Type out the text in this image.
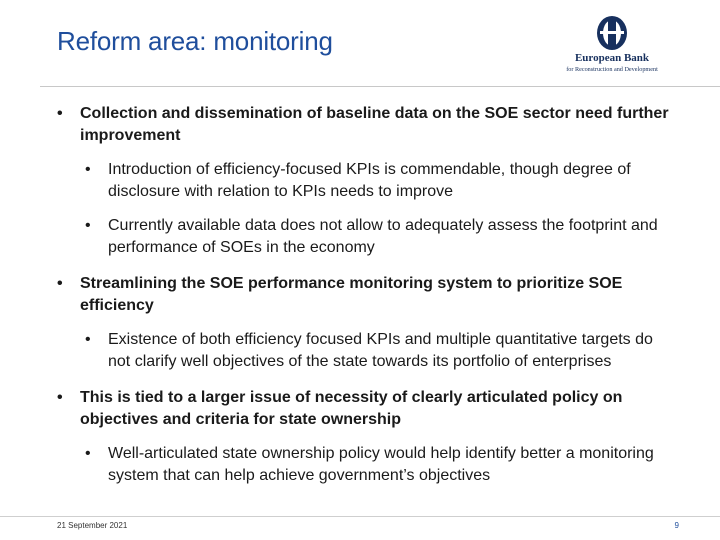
Reform area: monitoring
European Bank
for Reconstruction and Development
• Collection and dissemination of baseline data on the SOE sector need further improvement
• Introduction of efficiency-focused KPIs is commendable, though degree of disclosure with relation to KPIs needs to improve
• Currently available data does not allow to adequately assess the footprint and performance of SOEs in the economy
• Streamlining the SOE performance monitoring system to prioritize SOE efficiency
• Existence of both efficiency focused KPIs and multiple quantitative targets do not clarify well objectives of the state towards its portfolio of enterprises
• This is tied to a larger issue of necessity of clearly articulated policy on objectives and criteria for state ownership
• Well-articulated state ownership policy would help identify better a monitoring system that can help achieve government’s objectives
21 September 2021	9
